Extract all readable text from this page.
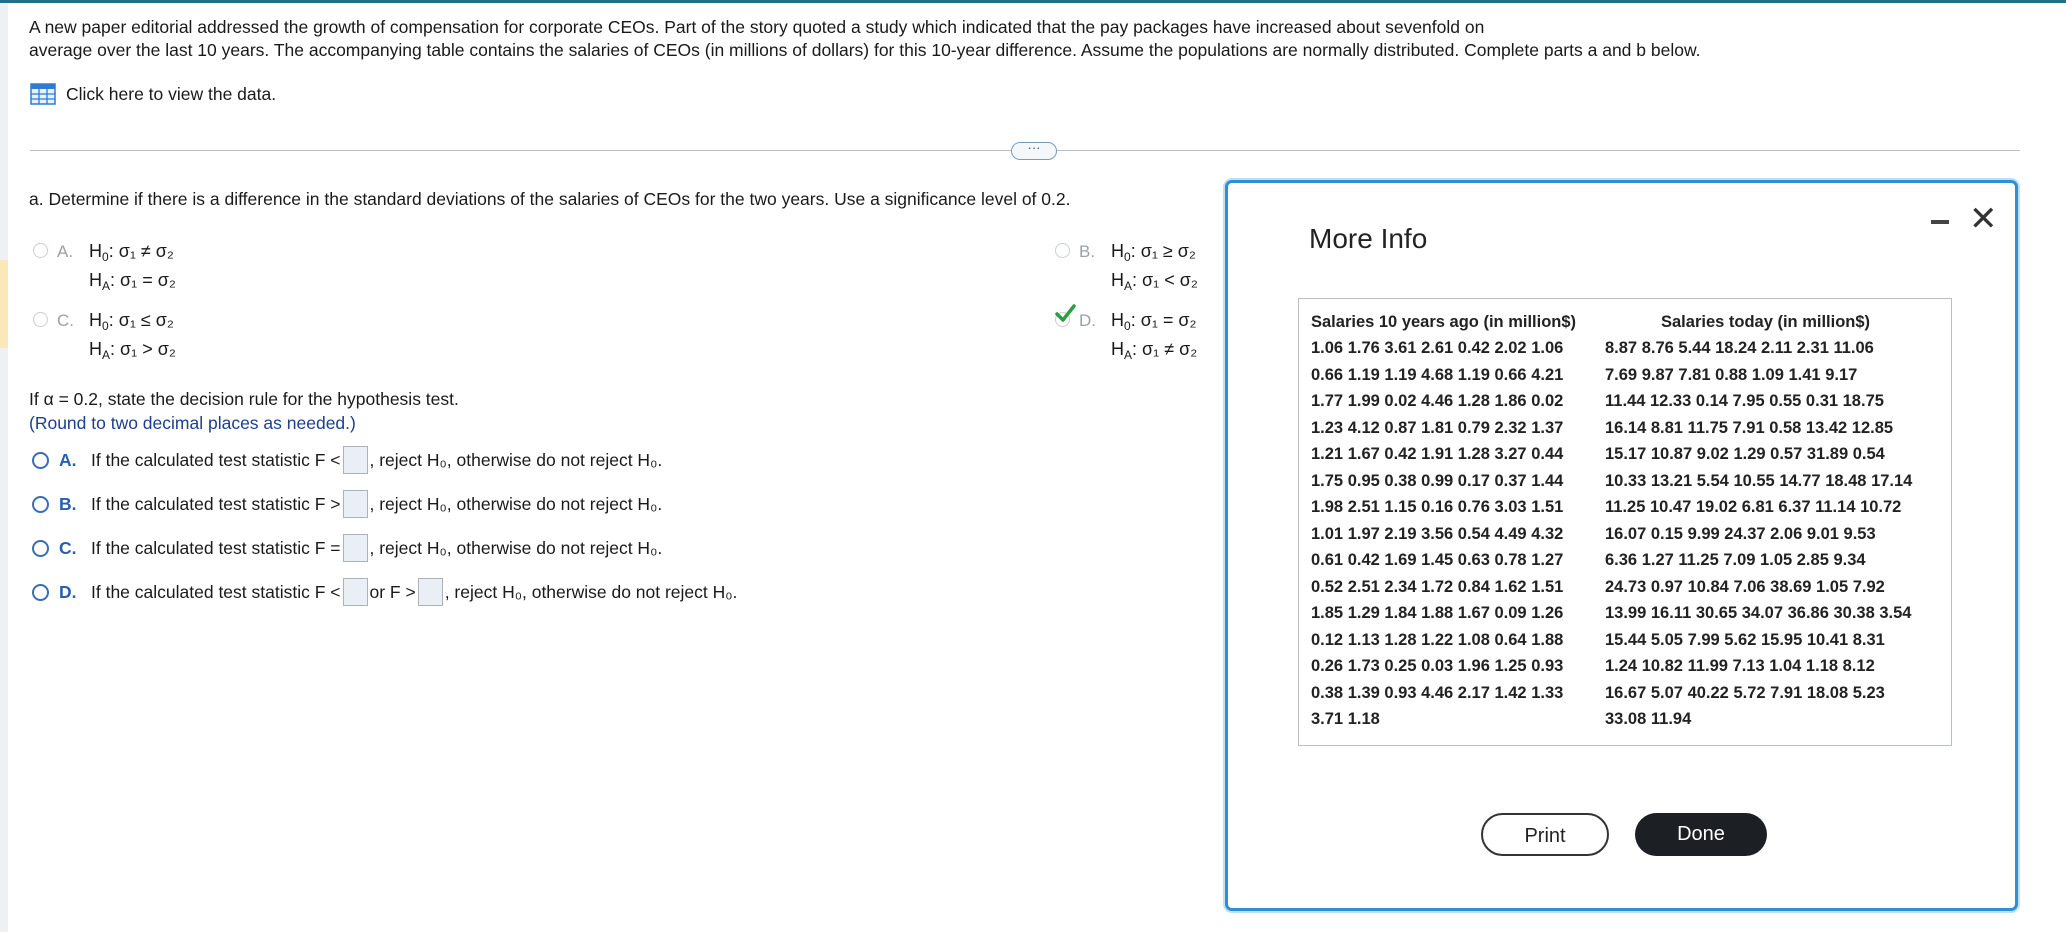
A new paper editorial addressed the growth of compensation for corporate CEOs. Part of the story quoted a study which indicated that the pay packages have increased about sevenfold on

average over the last 10 years. The accompanying table contains the salaries of CEOs (in millions of dollars) for this 10-year difference. Assume the populations are normally distributed. Complete parts a and b below.

Click here to view the data.
···
a. Determine if there is a difference in the standard deviations of the salaries of CEOs for the two years. Use a significance level of 0.2.
A. $H_0$: σ₁ ≠ σ₂
$H_A$: σ₁ = σ₂
B. $H_0$: σ₁ ≥ σ₂
$H_A$: σ₁ < σ₂
C. $H_0$: σ₁ ≤ σ₂
$H_A$: σ₁ > σ₂
D. $H_0$: σ₁ = σ₂
$H_A$: σ₁ ≠ σ₂
If α = 0.2, state the decision rule for the hypothesis test.
(Round to two decimal places as needed.)
A. If the calculated test statistic F < , reject H₀, otherwise do not reject H₀.
B. If the calculated test statistic F > , reject H₀, otherwise do not reject H₀.
C. If the calculated test statistic F = , reject H₀, otherwise do not reject H₀.
D. If the calculated test statistic F < or F > , reject H₀, otherwise do not reject H₀.
More Info
✕
Salaries 10 years ago (in million$)
1.06 1.76 3.61 2.61 0.42 2.02 1.06
0.66 1.19 1.19 4.68 1.19 0.66 4.21
1.77 1.99 0.02 4.46 1.28 1.86 0.02
1.23 4.12 0.87 1.81 0.79 2.32 1.37
1.21 1.67 0.42 1.91 1.28 3.27 0.44
1.75 0.95 0.38 0.99 0.17 0.37 1.44
1.98 2.51 1.15 0.16 0.76 3.03 1.51
1.01 1.97 2.19 3.56 0.54 4.49 4.32
0.61 0.42 1.69 1.45 0.63 0.78 1.27
0.52 2.51 2.34 1.72 0.84 1.62 1.51
1.85 1.29 1.84 1.88 1.67 0.09 1.26
0.12 1.13 1.28 1.22 1.08 0.64 1.88
0.26 1.73 0.25 0.03 1.96 1.25 0.93
0.38 1.39 0.93 4.46 2.17 1.42 1.33
3.71 1.18
Salaries today (in million$)
8.87 8.76 5.44 18.24 2.11 2.31 11.06
7.69 9.87 7.81 0.88 1.09 1.41 9.17
11.44 12.33 0.14 7.95 0.55 0.31 18.75
16.14 8.81 11.75 7.91 0.58 13.42 12.85
15.17 10.87 9.02 1.29 0.57 31.89 0.54
10.33 13.21 5.54 10.55 14.77 18.48 17.14
11.25 10.47 19.02 6.81 6.37 11.14 10.72
16.07 0.15 9.99 24.37 2.06 9.01 9.53
6.36 1.27 11.25 7.09 1.05 2.85 9.34
24.73 0.97 10.84 7.06 38.69 1.05 7.92
13.99 16.11 30.65 34.07 36.86 30.38 3.54
15.44 5.05 7.99 5.62 15.95 10.41 8.31
1.24 10.82 11.99 7.13 1.04 1.18 8.12
16.67 5.07 40.22 5.72 7.91 18.08 5.23
33.08 11.94
Print	Done
